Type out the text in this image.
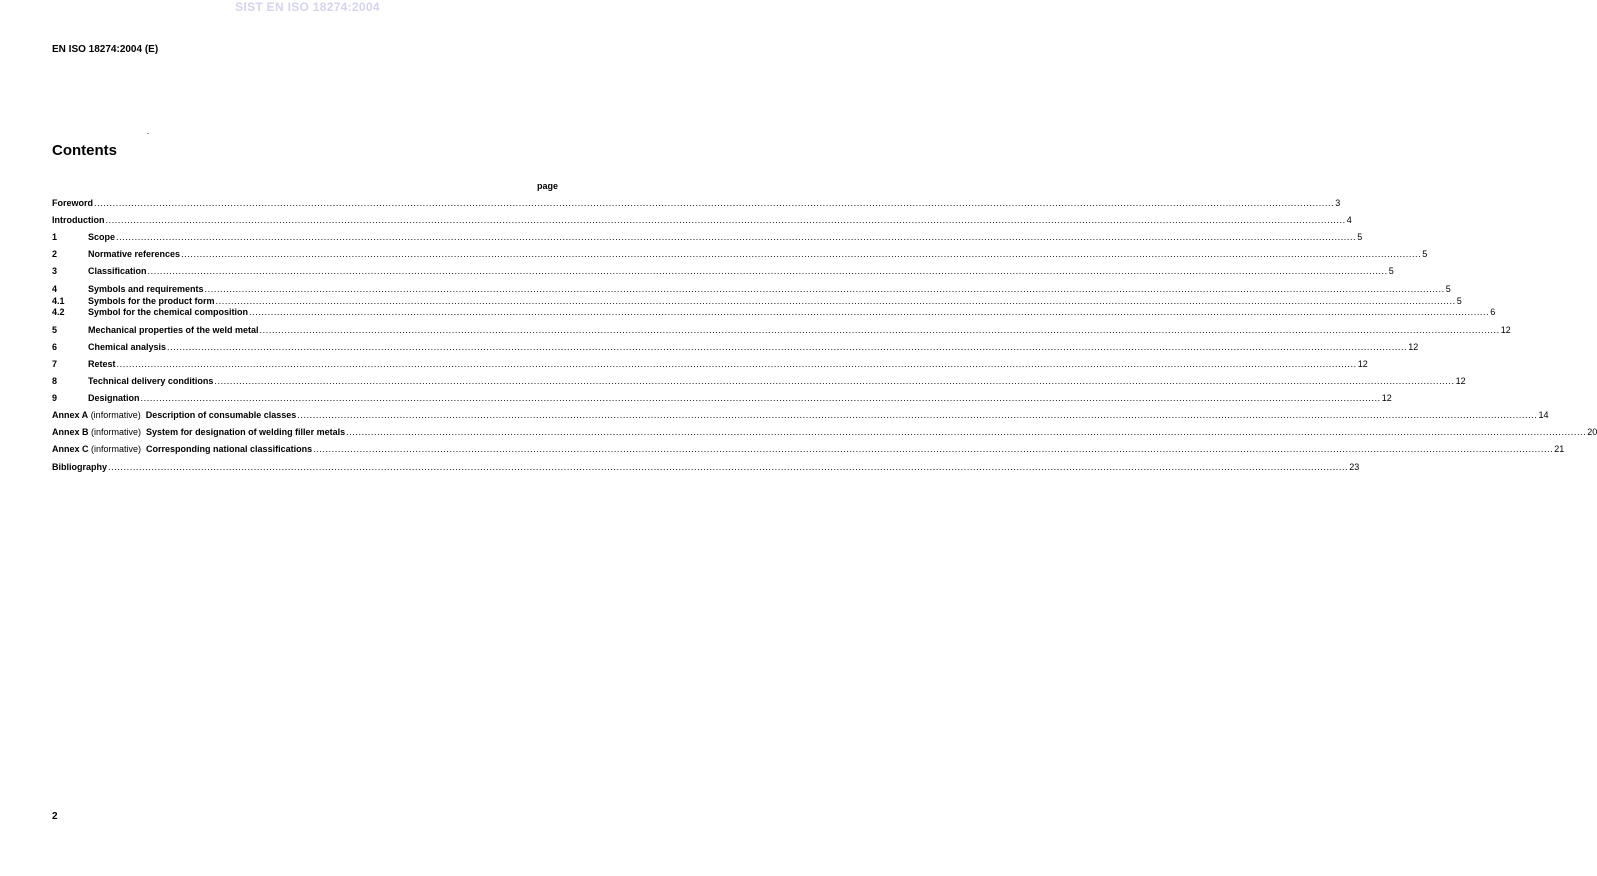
SIST EN ISO 18274:2004
EN ISO 18274:2004 (E)
Contents
page
Foreword ................................................................................................................................................................................................................................................................................................................................................................................................................ 3
Introduction ................................................................................................................................................................................................................................................................................................................................................................................................................ 4
1	Scope ................................................................................................................................................................................................................................................................................................................................................................................................................ 5
2	Normative references ................................................................................................................................................................................................................................................................................................................................................................................................................ 5
3	Classification ................................................................................................................................................................................................................................................................................................................................................................................................................ 5
4	Symbols and requirements ................................................................................................................................................................................................................................................................................................................................................................................................................ 5
4.1	Symbols for the product form ................................................................................................................................................................................................................................................................................................................................................................................................................ 5
4.2	Symbol for the chemical composition ................................................................................................................................................................................................................................................................................................................................................................................................................ 6
5	Mechanical properties of the weld metal ................................................................................................................................................................................................................................................................................................................................................................................................................ 12
6	Chemical analysis ................................................................................................................................................................................................................................................................................................................................................................................................................ 12
7	Retest ................................................................................................................................................................................................................................................................................................................................................................................................................ 12
8	Technical delivery conditions ................................................................................................................................................................................................................................................................................................................................................................................................................ 12
9	Designation ................................................................................................................................................................................................................................................................................................................................................................................................................ 12
Annex A (informative) Description of consumable classes ................................................................................................................................................................................................................................................................................................................................................................................................................ 14
Annex B (informative) System for designation of welding filler metals ................................................................................................................................................................................................................................................................................................................................................................................................................ 20
Annex C (informative) Corresponding national classifications ................................................................................................................................................................................................................................................................................................................................................................................................................ 21
Bibliography ................................................................................................................................................................................................................................................................................................................................................................................................................ 23
2
